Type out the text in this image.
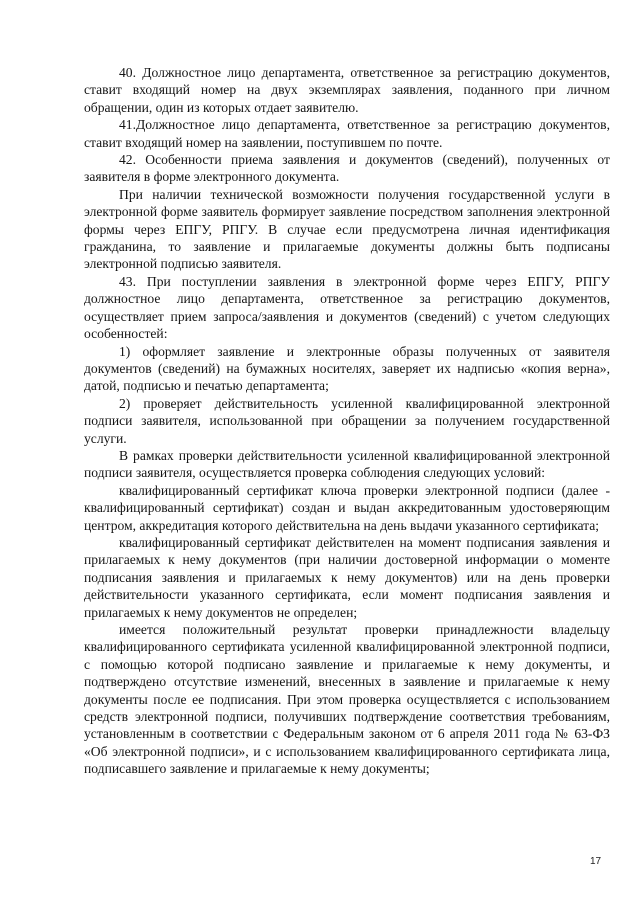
40. Должностное лицо департамента, ответственное за регистрацию документов, ставит входящий номер на двух экземплярах заявления, поданного при личном обращении, один из которых отдает заявителю.

41.Должностное лицо департамента, ответственное за регистрацию документов, ставит входящий номер на заявлении, поступившем по почте.

42. Особенности приема заявления и документов (сведений), полученных от заявителя в форме электронного документа.

При наличии технической возможности получения государственной услуги в электронной форме заявитель формирует заявление посредством заполнения электронной формы через ЕПГУ, РПГУ. В случае если предусмотрена личная идентификация гражданина, то заявление и прилагаемые документы должны быть подписаны электронной подписью заявителя.

43. При поступлении заявления в электронной форме через ЕПГУ, РПГУ должностное лицо департамента, ответственное за регистрацию документов, осуществляет прием запроса/заявления и документов (сведений) с учетом следующих особенностей:

1) оформляет заявление и электронные образы полученных от заявителя документов (сведений) на бумажных носителях, заверяет их надписью «копия верна», датой, подписью и печатью департамента;

2) проверяет действительность усиленной квалифицированной электронной подписи заявителя, использованной при обращении за получением государственной услуги.

В рамках проверки действительности усиленной квалифицированной электронной подписи заявителя, осуществляется проверка соблюдения следующих условий:

квалифицированный сертификат ключа проверки электронной подписи (далее - квалифицированный сертификат) создан и выдан аккредитованным удостоверяющим центром, аккредитация которого действительна на день выдачи указанного сертификата;

квалифицированный сертификат действителен на момент подписания заявления и прилагаемых к нему документов (при наличии достоверной информации о моменте подписания заявления и прилагаемых к нему документов) или на день проверки действительности указанного сертификата, если момент подписания заявления и прилагаемых к нему документов не определен;

имеется положительный результат проверки принадлежности владельцу квалифицированного сертификата усиленной квалифицированной электронной подписи, с помощью которой подписано заявление и прилагаемые к нему документы, и подтверждено отсутствие изменений, внесенных в заявление и прилагаемые к нему документы после ее подписания. При этом проверка осуществляется с использованием средств электронной подписи, получивших подтверждение соответствия требованиям, установленным в соответствии с Федеральным законом от 6 апреля 2011 года № 63-ФЗ «Об электронной подписи», и с использованием квалифицированного сертификата лица, подписавшего заявление и прилагаемые к нему документы;

17
